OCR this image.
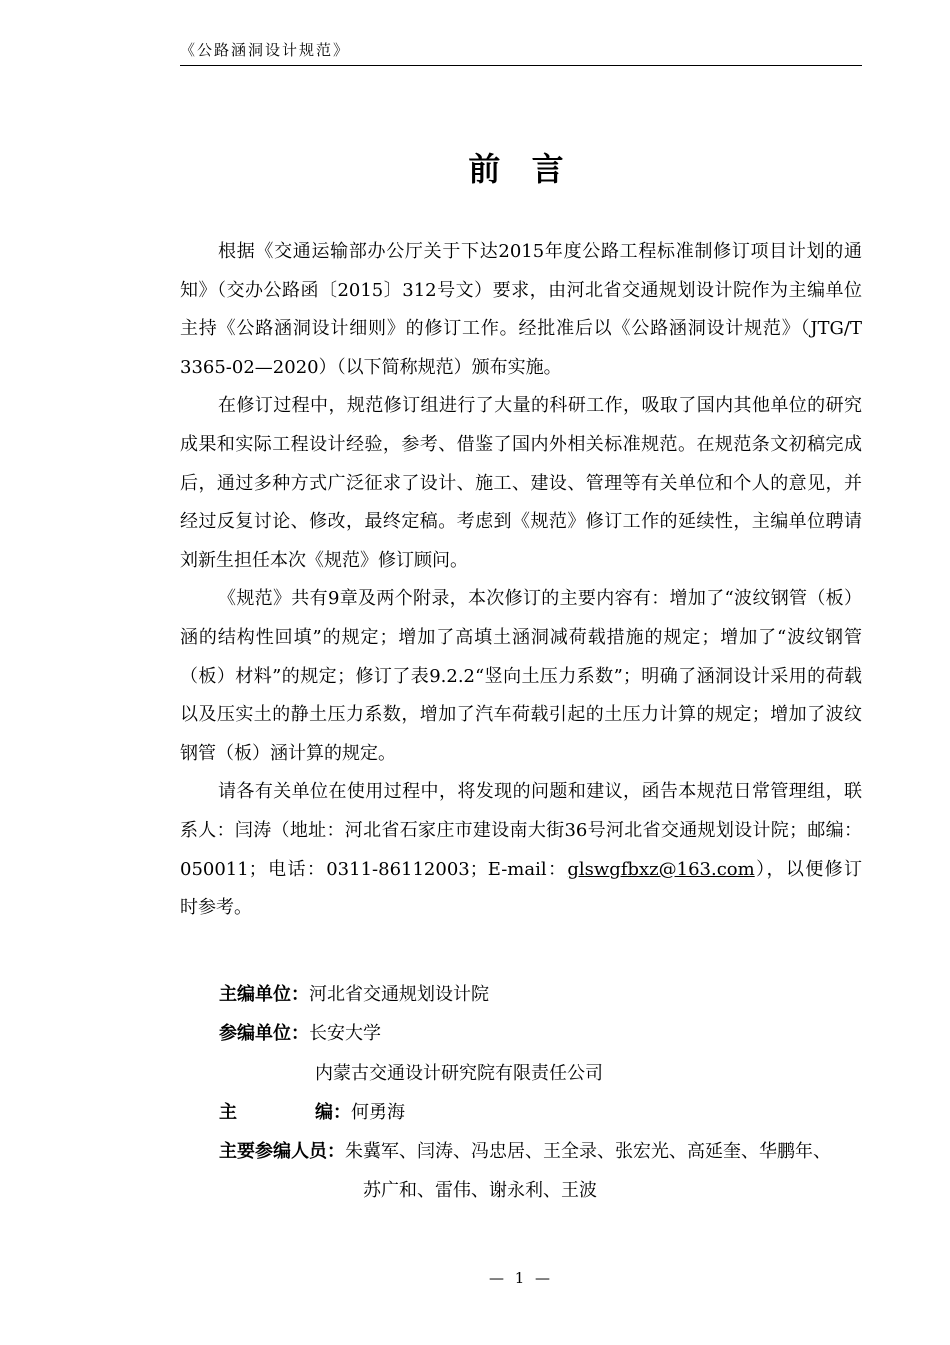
《公路涵洞设计规范》
前 言

根据《交通运输部办公厅关于下达2015年度公路工程标准制修订项目计划的通知》（交办公路函〔2015〕312号文）要求，由河北省交通规划设计院作为主编单位主持《公路涵洞设计细则》的修订工作。经批准后以《公路涵洞设计规范》（JTG/T 3365-02—2020）（以下简称规范）颁布实施。

在修订过程中，规范修订组进行了大量的科研工作，吸取了国内其他单位的研究成果和实际工程设计经验，参考、借鉴了国内外相关标准规范。在规范条文初稿完成后，通过多种方式广泛征求了设计、施工、建设、管理等有关单位和个人的意见，并经过反复讨论、修改，最终定稿。考虑到《规范》修订工作的延续性，主编单位聘请刘新生担任本次《规范》修订顾问。

《规范》共有9章及两个附录，本次修订的主要内容有：增加了“波纹钢管（板）涵的结构性回填”的规定；增加了高填土涵洞减荷载措施的规定；增加了“波纹钢管（板）材料”的规定；修订了表9.2.2“竖向土压力系数”；明确了涵洞设计采用的荷载以及压实土的静土压力系数，增加了汽车荷载引起的土压力计算的规定；增加了波纹钢管（板）涵计算的规定。

请各有关单位在使用过程中，将发现的问题和建议，函告本规范日常管理组，联系人：闫涛（地址：河北省石家庄市建设南大街36号河北省交通规划设计院；邮编：050011；电话：0311-86112003；E-mail：glswgfbxz@163.com），以便修订时参考。

主编单位： 河北省交通规划设计院
参编单位： 长安大学
内蒙古交通设计研究院有限责任公司
主	编： 何勇海
主要参编人员： 朱冀军、闫涛、冯忠居、王全录、张宏光、高延奎、华鹏年、
苏广和、雷伟、谢永利、王波
— 1 —
